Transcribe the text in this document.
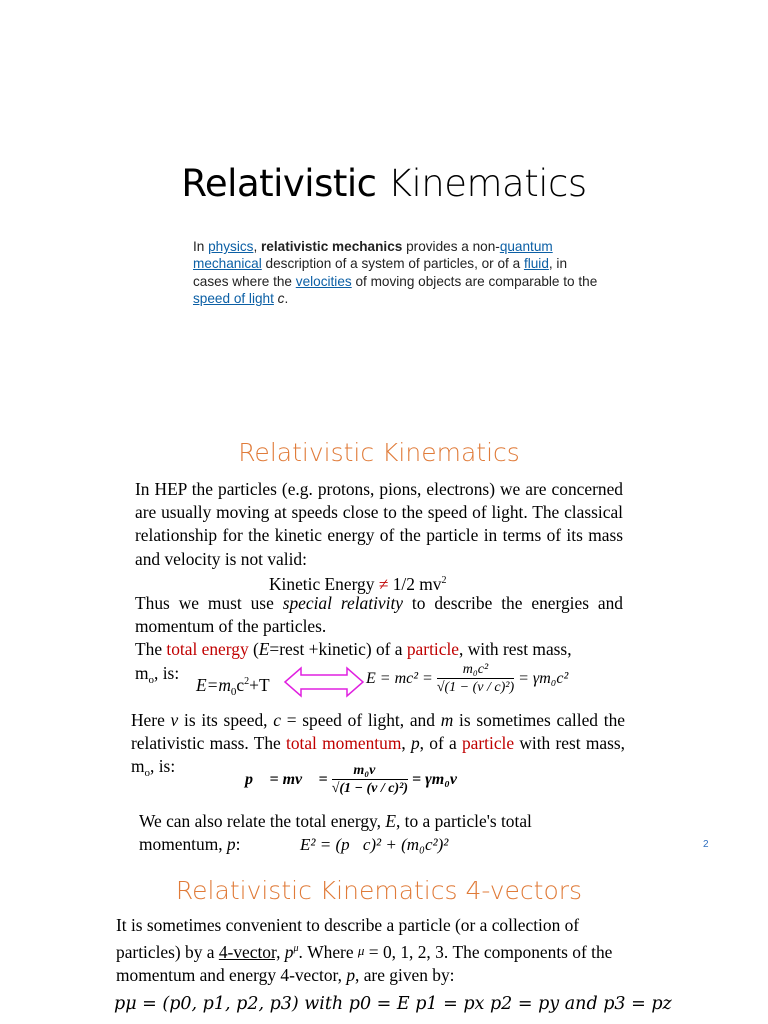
Relativistic Kinematics
In physics, relativistic mechanics provides a non-quantum mechanical description of a system of particles, or of a fluid, in cases where the velocities of moving objects are comparable to the speed of light c.
Relativistic Kinematics
In HEP the particles (e.g. protons, pions, electrons) we are concerned are usually moving at speeds close to the speed of light. The classical relationship for the kinetic energy of the particle in terms of its mass and velocity is not valid:
Kinetic Energy ≠ 1/2 $mv^2$
Thus we must use special relativity to describe the energies and momentum of the particles.
The total energy (E=rest +kinetic) of a particle, with rest mass,
$m_o$, is:
$E=m_0c^2+T$	$E = mc^2 = \frac{\text{m₀c²}}{\text{√(1 − (v / c)²)}} = \gamma m_0c^2$
Here v is its speed, c = speed of light, and m is sometimes called the relativistic mass. The total momentum, p, of a particle with rest mass, $m_o$, is:
p⃗ = mv⃗ = $\frac{\text{m₀v⃗}}{\text{√(1 − (v / c)²)}}$ = γm₀v⃗
We can also relate the total energy, E, to a particle's total momentum, p:	E² = (p⃗c)² + (m₀c²)²	2
Relativistic Kinematics 4-vectors
It is sometimes convenient to describe a particle (or a collection of particles) by a 4-vector, $p^\mu$. Where μ = 0, 1, 2, 3. The components of the momentum and energy 4-vector, p, are given by:
pμ = (p0, p1, p2, p3) with p0 = E p1 = px p2 = py and p3 = pz
